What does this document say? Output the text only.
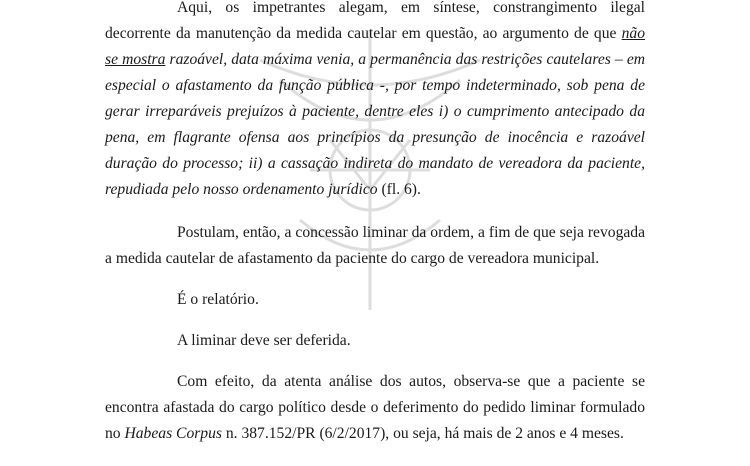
Aqui, os impetrantes alegam, em síntese, constrangimento ilegal decorrente da manutenção da medida cautelar em questão, ao argumento de que não se mostra razoável, data máxima venia, a permanência das restrições cautelares – em especial o afastamento da função pública -, por tempo indeterminado, sob pena de gerar irreparáveis prejuízos à paciente, dentre eles i) o cumprimento antecipado da pena, em flagrante ofensa aos princípios da presunção de inocência e razoável duração do processo; ii) a cassação indireta do mandato de vereadora da paciente, repudiada pelo nosso ordenamento jurídico (fl. 6).

Postulam, então, a concessão liminar da ordem, a fim de que seja revogada a medida cautelar de afastamento da paciente do cargo de vereadora municipal.

É o relatório.

A liminar deve ser deferida.

Com efeito, da atenta análise dos autos, observa-se que a paciente se encontra afastada do cargo político desde o deferimento do pedido liminar formulado no Habeas Corpus n. 387.152/PR (6/2/2017), ou seja, há mais de 2 anos e 4 meses.
